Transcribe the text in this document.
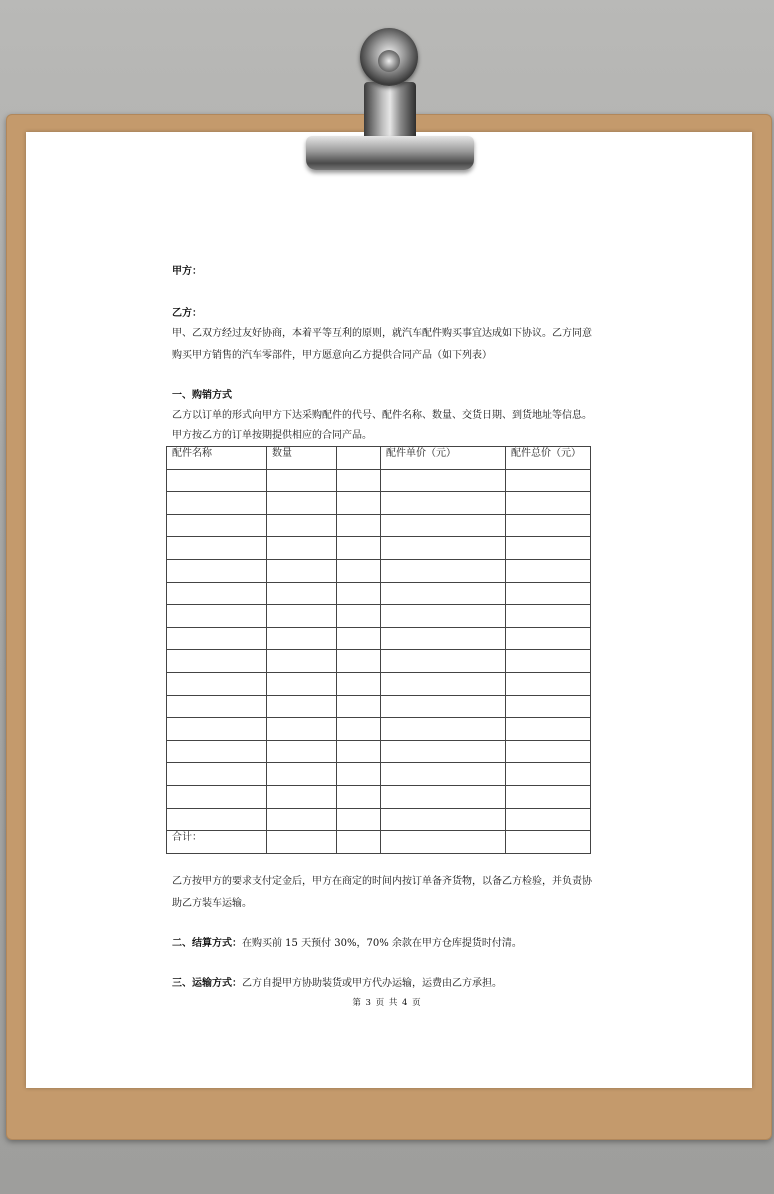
甲方：
乙方：
甲、乙双方经过友好协商，本着平等互利的原则，就汽车配件购买事宜达成如下协议。乙方同意
购买甲方销售的汽车零部件，甲方愿意向乙方提供合同产品（如下列表）
一、购销方式
乙方以订单的形式向甲方下达采购配件的代号、配件名称、数量、交货日期、到货地址等信息。
甲方按乙方的订单按期提供相应的合同产品。
配件名称	数量		配件单价（元）	配件总价（元）

合计：				
乙方按甲方的要求支付定金后，甲方在商定的时间内按订单备齐货物，以备乙方检验，并负责协
助乙方装车运输。
二、结算方式：在购买前 15 天预付 30%，70% 余款在甲方仓库提货时付清。
三、运输方式：乙方自提甲方协助装货或甲方代办运输，运费由乙方承担。
第 3 页 共 4 页
